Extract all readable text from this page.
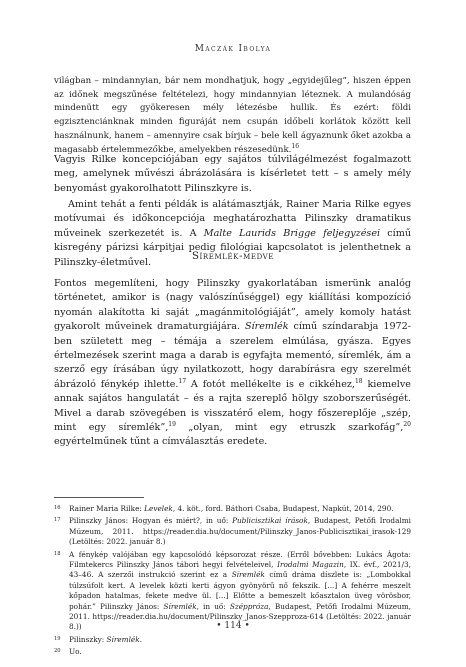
Maczák Ibolya

világban – mindannyian, bár nem mondhatjuk, hogy „egyidejűleg”, hiszen éppen az időnek megszűnése feltételezi, hogy mindannyian léteznek. A mulandóság mindenütt egy gyökeresen mély létezésbe hullik. És ezért: földi egzisztenciánknak minden figuráját nem csupán időbeli korlátok között kell használnunk, hanem – amennyire csak bírjuk – bele kell ágyaznunk őket azokba a magasabb értelemmezőkbe, amelyekben részesedünk.$^{16}$

Vagyis Rilke koncepciójában egy sajátos túlvilágélmezést fogalmazott meg, amelynek művészi ábrázolására is kísérletet tett – s amely mély benyomást gyakorolhatott Pilinszkyre is.

Amint tehát a fenti példák is alátámasztják, Rainer Maria Rilke egyes motívumai és időkoncepciója meghatározhatta Pilinszky dramatikus műveinek szerkezetét is. A Malte Laurids Brigge feljegyzései című kisregény párizsi kárpitjai pedig filológiai kapcsolatot is jelenthetnek a Pilinszky-életművel.

Síremlék-medve

Fontos megemlíteni, hogy Pilinszky gyakorlatában ismerünk analóg történetet, amikor is (nagy valószínűséggel) egy kiállítási kompozíció nyomán alakította ki saját „magánmitológiáját”, amely komoly hatást gyakorolt műveinek dramaturgiájára. Síremlék című színdarabja 1972-ben született meg – témája a szerelem elmúlása, gyásza. Egyes értelmezések szerint maga a darab is egyfajta mementó, síremlék, ám a szerző egy írásában úgy nyilatkozott, hogy darabírásra egy szerelmét ábrázoló fénykép ihlette.$^{17}$ A fotót mellékelte is e cikkéhez,$^{18}$ kiemelve annak sajátos hangulatát – és a rajta szereplő hölgy szoborszerűségét. Mivel a darab szövegében is visszatérő elem, hogy főszereplője „szép, mint egy síremlék”,$^{19}$ „olyan, mint egy etruszk szarkofág”,$^{20}$ egyértelműnek tűnt a címválasztás eredete.

16 Rainer Maria Rilke: Levelek, 4. köt., ford. Báthori Csaba, Budapest, Napkút, 2014, 290.
17 Pilinszky János: Hogyan és miért?, in uő: Publicisztikai írások, Budapest, Petőfi Irodalmi Múzeum, 2011. https://reader.dia.hu/document/Pilinszky_Janos-Publicisztikai_irasok-129 (Letöltés: 2022. január 8.)
18 A fénykép valójában egy kapcsolódó képsorozat része. (Erről bővebben: Lukács Ágota: Filmtekercs Pilinszky János tábori hegyi felvételeivel, Irodalmi Magazin, IX. évf., 2021/3, 43–46. A szerzői instrukció szerint ez a Síremlék című dráma díszlete is: „Lombokkal túlzsúfolt kert. A levelek közti kerti ágyon gyönyörű nő fekszik. [...] A fehérre meszelt kőpadon hatalmas, fekete medve ül. [...] Előtte a bemeszelt kőasztalon üveg vörösbor, pohár.” Pilinszky János: Síremlék, in uő: Széppróza, Budapest, Petőfi Irodalmi Múzeum, 2011. https://reader.dia.hu/document/Pilinszky_Janos-Szepproza-614 (Letöltés: 2022. január 8.))
19 Pilinszky: Síremlék.
20 Uo.
• 114 •
